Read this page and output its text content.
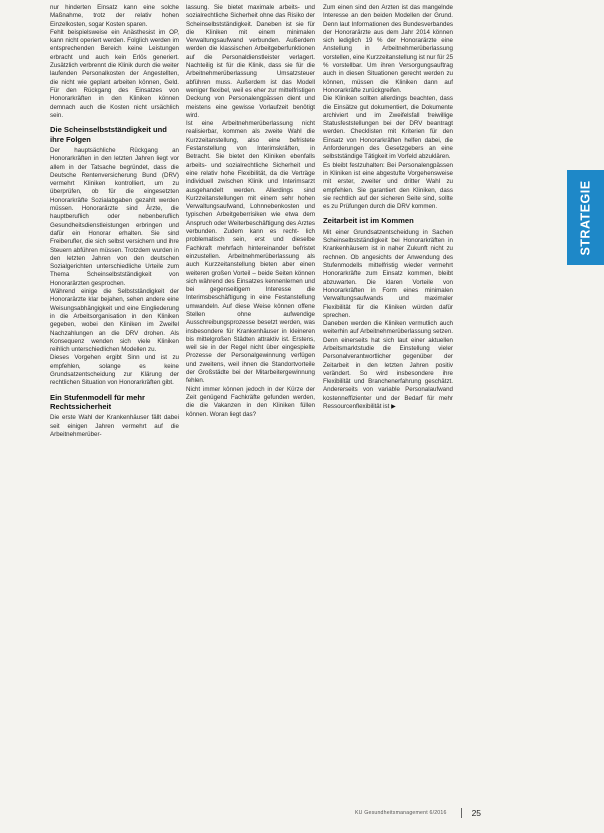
nur hinderten Einsatz kann eine solche Maßnahme, trotz der relativ hohen Einzelkosten, sogar Kosten sparen.

Fehlt beispielsweise ein Anästhesist im OP, kann nicht operiert werden. Folglich werden im entsprechenden Bereich keine Leistungen erbracht und auch kein Erlös generiert. Zusätzlich verbrennt die Klinik durch die weiter laufenden Personalkosten der Angestellten, die nicht wie geplant arbeiten können, Geld. Für den Rückgang des Einsatzes von Honorarkräften in den Kliniken können demnach auch die Kosten nicht ursächlich sein.

Die Scheinselbstständigkeit und ihre Folgen

Der hauptsächliche Rückgang an Honorarkräften in den letzten Jahren liegt vor allem in der Tatsache begründet, dass die Deutsche Rentenversicherung Bund (DRV) vermehrt Kliniken kontrolliert, um zu überprüfen, ob für die eingesetzten Honorarkräfte Sozialabgaben gezahlt werden müssen. Honorarärzte sind Ärzte, die hauptberuflich oder nebenberuflich Gesundheitsdienstleistungen erbringen und dafür ein Honorar erhalten. Sie sind Freiberufler, die sich selbst versichern und ihre Steuern abführen müssen. Trotzdem wurden in den letzten Jahren von den deutschen Sozialgerichten unterschiedliche Urteile zum Thema Scheinselbstständigkeit von Honorarärzten gesprochen.

Während einige die Selbstständigkeit der Honorarärzte klar bejahen, sehen andere eine Weisungsabhängigkeit und eine Eingliederung in die Arbeitsorganisation in den Kliniken gegeben, wobei den Kliniken im Zweifel Nachzahlungen an die DRV drohen. Als Konsequenz wenden sich viele Kliniken reihlich unterschiedlichen Modellen zu.

Dieses Vorgehen ergibt Sinn und ist zu empfehlen, solange es keine Grundsatzentscheidung zur Klärung der rechtlichen Situation von Honorarkräften gibt.

Ein Stufenmodell für mehr Rechtssicherheit

Die erste Wahl der Krankenhäuser fällt dabei seit einigen Jahren vermehrt auf die Arbeitnehmerüber-

lassung. Sie bietet maximale arbeits- und sozialrechtliche Sicherheit ohne das Risiko der Scheinselbstständigkeit. Daneben ist sie für die Kliniken mit einem minimalen Verwaltungsaufwand verbunden. Außerdem werden die klassischen Arbeitgeberfunktionen auf die Personaldienstleister verlagert. Nachteilig ist für die Klinik, dass sie für die Arbeitnehmerüberlassung Umsatzsteuer abführen muss. Außerdem ist das Modell weniger flexibel, weil es eher zur mittelfristigen Deckung von Personalengpässen dient und meistens eine gewisse Vorlaufzeit benötigt wird.

Ist eine Arbeitnehmerüberlassung nicht realisierbar, kommen als zweite Wahl die Kurzzeitanstellung, also eine befristete Festanstellung von Interimskräften, in Betracht. Sie bietet den Kliniken ebenfalls arbeits- und sozialrechtliche Sicherheit und eine relativ hohe Flexibilität, da die Verträge individuell zwischen Klinik und Interimsarzt ausgehandelt werden. Allerdings sind Kurzzeitanstellungen mit einem sehr hohen Verwaltungsaufwand, Lohnnebenkosten und typischen Arbeitgeberrisiken wie etwa dem Anspruch oder Weiterbeschäftigung des Arztes verbunden. Zudem kann es recht- lich problematisch sein, erst und dieselbe Fachkraft mehrfach hintereinander befristet einzustellen. Arbeitnehmerüberlassung als auch Kurzzeitanstellung bieten aber einen weiteren großen Vorteil – beide Seiten können sich während des Einsatzes kennenlernen und bei gegenseitigem Interesse die Interimsbeschäftigung in eine Festanstellung umwandeln. Auf diese Weise können offene Stellen ohne aufwendige Ausschreibungsprozesse besetzt werden, was insbesondere für Krankenhäuser in kleineren bis mittelgroßen Städten attraktiv ist. Erstens, weil sie in der Regel nicht über eingespielte Prozesse der Personalgewinnung verfügen und zweitens, weil ihnen die Standortvorteile der Großstädte bei der Mitarbeitergewinnung fehlen.

Nicht immer können jedoch in der Kürze der Zeit genügend Fachkräfte gefunden werden, die die Vakanzen in den Kliniken füllen können. Woran liegt das?

Zum einen sind den Ärzten ist das mangelnde Interesse an den beiden Modellen der Grund. Denn laut Informationen des Bundesverbandes der Honorarärzte aus dem Jahr 2014 können sich lediglich 19 % der Honorarärzte eine Anstellung in Arbeitnehmerüberlassung vorstellen, eine Kurzzeitanstellung ist nur für 25 % vorstellbar. Um ihren Versorgungsauftrag auch in diesen Situationen gerecht werden zu können, müssen die Kliniken dann auf Honorarkräfte zurückgreifen.

Die Kliniken sollten allerdings beachten, dass die Einsätze gut dokumentiert, die Dokumente archiviert und im Zweifelsfall freiwillige Statusfeststellungen bei der DRV beantragt werden. Checklisten mit Kriterien für den Einsatz von Honorarkräften helfen dabei, die Anforderungen des Gesetzgebers an eine selbstständige Tätigkeit im Vorfeld abzuklären.

Es bleibt festzuhalten: Bei Personalengpässen in Kliniken ist eine abgestufte Vorgehensweise mit erster, zweiter und dritter Wahl zu empfehlen. Sie garantiert den Kliniken, dass sie rechtlich auf der sicheren Seite sind, sollte es zu Prüfungen durch die DRV kommen.

Zeitarbeit ist im Kommen

Mit einer Grundsatzentscheidung in Sachen Scheinselbstständigkeit bei Honorarkräften in Krankenhäusern ist in naher Zukunft nicht zu rechnen. Ob angesichts der Anwendung des Stufenmodells mittelfristig wieder vermehrt Honorarkräfte zum Einsatz kommen, bleibt abzuwarten. Die klaren Vorteile von Honorarkräften in Form eines minimalen Verwaltungsaufwands und maximaler Flexibilität für die Kliniken würden dafür sprechen.

Daneben werden die Kliniken vermutlich auch weiterhin auf Arbeitnehmerüberlassung setzen. Denn einerseits hat sich laut einer aktuellen Arbeitsmarktstudie die Einstellung vieler Personalverantwortlicher gegenüber der Zeitarbeit in den letzten Jahren positiv verändert. So wird insbesondere ihre Flexibilität und Branchenerfahrung geschätzt. Andererseits von variable Personalaufwand kostenneffizienter und der Bedarf für mehr Ressourcenflexibilität ist ▶

STRATEGIE
KU Gesundheitsmanagement 6/2016	25
